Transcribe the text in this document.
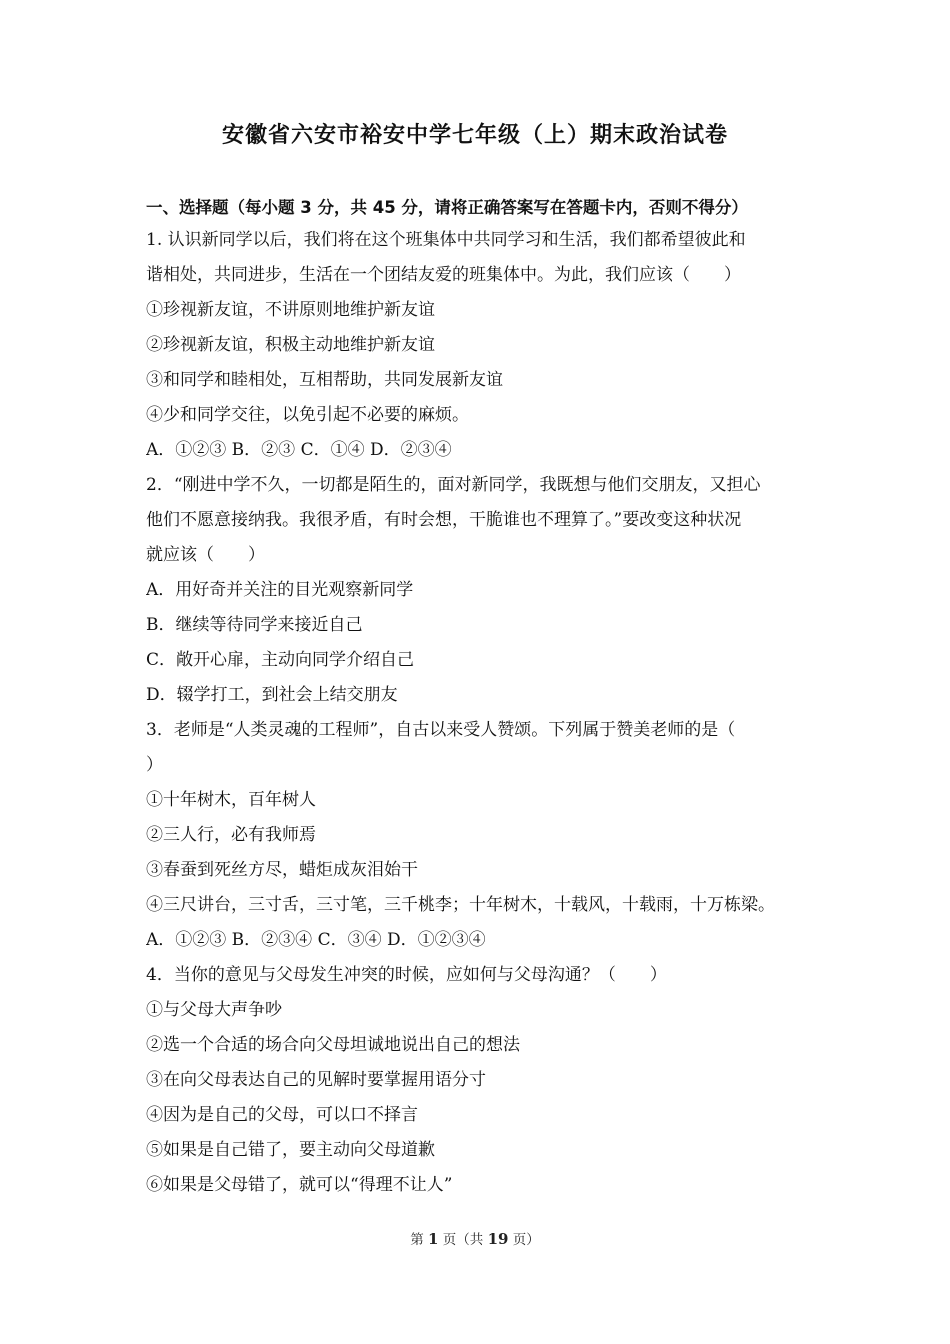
安徽省六安市裕安中学七年级（上）期末政治试卷
一、选择题（每小题 3 分，共 45 分，请将正确答案写在答题卡内，否则不得分）
1. 认识新同学以后，我们将在这个班集体中共同学习和生活，我们都希望彼此和
谐相处，共同进步，生活在一个团结友爱的班集体中。为此，我们应该（　　）
①珍视新友谊，不讲原则地维护新友谊
②珍视新友谊，积极主动地维护新友谊
③和同学和睦相处，互相帮助，共同发展新友谊
④少和同学交往，以免引起不必要的麻烦。
A．①②③ B．②③ C．①④ D．②③④
2．“刚进中学不久，一切都是陌生的，面对新同学，我既想与他们交朋友，又担心
他们不愿意接纳我。我很矛盾，有时会想，干脆谁也不理算了。”要改变这种状况
就应该（　　）
A．用好奇并关注的目光观察新同学
B．继续等待同学来接近自己
C．敞开心扉，主动向同学介绍自己
D．辍学打工，到社会上结交朋友
3．老师是“人类灵魂的工程师”，自古以来受人赞颂。下列属于赞美老师的是（
）
①十年树木，百年树人
②三人行，必有我师焉
③春蚕到死丝方尽，蜡炬成灰泪始干
④三尺讲台，三寸舌，三寸笔，三千桃李；十年树木，十载风，十载雨，十万栋梁。
A．①②③ B．②③④ C．③④ D．①②③④
4．当你的意见与父母发生冲突的时候，应如何与父母沟通？（　　）
①与父母大声争吵
②选一个合适的场合向父母坦诚地说出自己的想法
③在向父母表达自己的见解时要掌握用语分寸
④因为是自己的父母，可以口不择言
⑤如果是自己错了，要主动向父母道歉
⑥如果是父母错了，就可以“得理不让人”
第 1 页（共 19 页）
